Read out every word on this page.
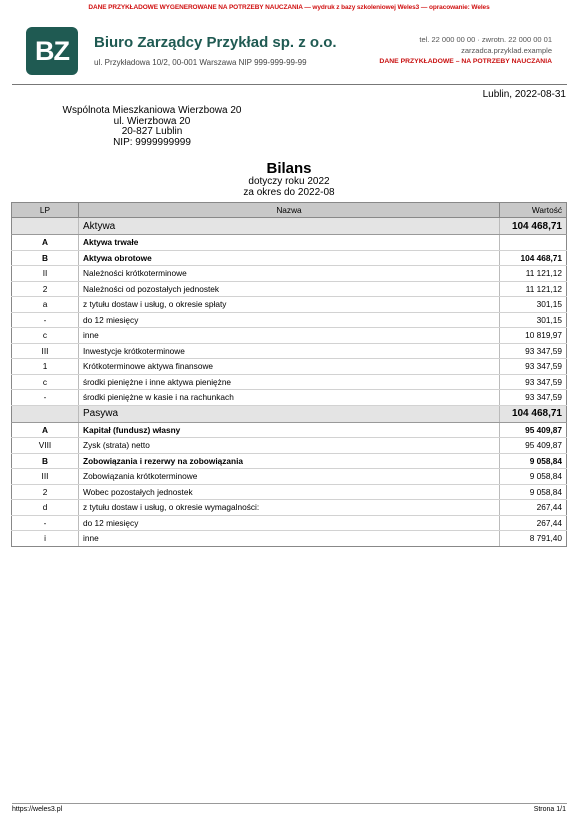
DANE PRZYKŁADOWE WYGENEROWANE NA POTRZEBY NAUCZANIA — wydruk z bazy szkoleniowej Weles3 — opracowanie: Weles
BZ	Biuro Zarządcy Przykład sp. z o.o.
ul. Przykładowa 10/2, 00-001 Warszawa NIP 999-999-99-99
tel. 22 000 00 00 · zwrotn. 22 000 00 01
zarzadca.przyklad.example
DANE PRZYKŁADOWE – NA POTRZEBY NAUCZANIA
Lublin, 2022-08-31
Wspólnota Mieszkaniowa Wierzbowa 20
ul. Wierzbowa 20
20-827 Lublin
NIP: 9999999999
Bilans
dotyczy roku 2022
za okres do 2022-08
LP	Nazwa	Wartość
	Aktywa	104 468,71
A	Aktywa trwałe	
B	Aktywa obrotowe	104 468,71
II	Należności krótkoterminowe	11 121,12
2	Należności od pozostałych jednostek	11 121,12
a	z tytułu dostaw i usług, o okresie spłaty	301,15
-	do 12 miesięcy	301,15
c	inne	10 819,97
III	Inwestycje krótkoterminowe	93 347,59
1	Krótkoterminowe aktywa finansowe	93 347,59
c	środki pieniężne i inne aktywa pieniężne	93 347,59
-	środki pieniężne w kasie i na rachunkach	93 347,59
	Pasywa	104 468,71
A	Kapitał (fundusz) własny	95 409,87
VIII	Zysk (strata) netto	95 409,87
B	Zobowiązania i rezerwy na zobowiązania	9 058,84
III	Zobowiązania krótkoterminowe	9 058,84
2	Wobec pozostałych jednostek	9 058,84
d	z tytułu dostaw i usług, o okresie wymagalności:	267,44
-	do 12 miesięcy	267,44
i	inne	8 791,40
https://weles3.pl	Strona 1/1
